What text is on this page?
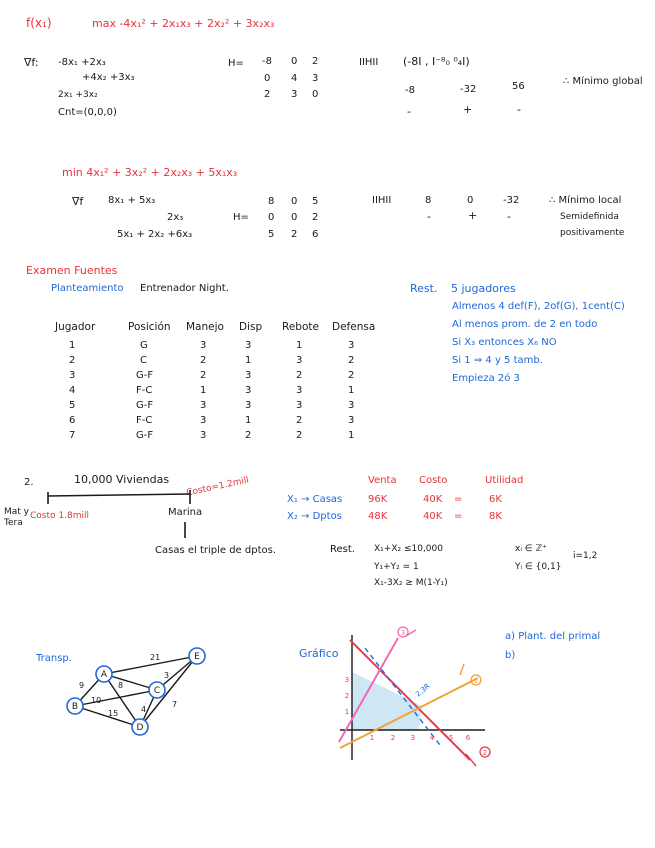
f(x₁)	max -4x₁² + 2x₁x₃ + 2x₂² + 3x₂x₃
∇f: -8x₁ +2x₃
+4x₂ +3x₃
2x₁ +3x₂
Cnt=(0,0,0)
H= -8 0 2
0 4 3
2 3 0
IIHII (-8I , I⁻⁸₀ ⁰₄I)
-8	-32	56
-	+	-
∴ Mínimo global
min 4x₁² + 3x₂² + 2x₂x₃ + 5x₁x₃
∇f 8x₁ + 5x₃
2x₃
5x₁ + 2x₂ +6x₃
H=
8 0 5
0 0 2
5 2 6
IIHII	8	0	-32
-	+	-
∴ Mínimo local
Semidefinida
positivamente
Examen Fuentes
Planteamiento Entrenador Night.
Jugador	Posición	Manejo	Disp	Rebote	Defensa
1	G	3	3	1	3
2	C	2	1	3	2
3	G-F	2	3	2	2
4	F-C	1	3	3	1
5	G-F	3	3	3	3
6	F-C	3	1	2	3
7	G-F	3	2	2	1
Rest. 5 jugadores
Almenos 4 def(F), 2of(G), 1cent(C)
Al menos prom. de 2 en todo
Si X₃ entonces X₆ NO
Si 1 ⇒ 4 y 5 tamb.
Empieza 2ó 3
2.	10,000 Viviendas Costo=1.2mill
Mat y
Tera
Costo 1.8mill	Marina
Casas el triple de dptos.
Venta Costo	Utilidad
X₁ → Casas	96K	40K =	6K
X₂ → Dptos	48K	40K =	8K
Rest. X₁+X₂ ≤10,000
Y₁+Y₂ = 1
X₁-3X₂ ≥ M(1-Y₁)
xᵢ ∈ ℤ⁺
Yᵢ ∈ {0,1}
i=1,2
Transp.	Gráfico
a) Plant. del primal
b)
A
B
C
D
E
21
9	8
10
3
15	4
7
3
1
2
1 2 3 4 5 6
1
2
3
2,3R
